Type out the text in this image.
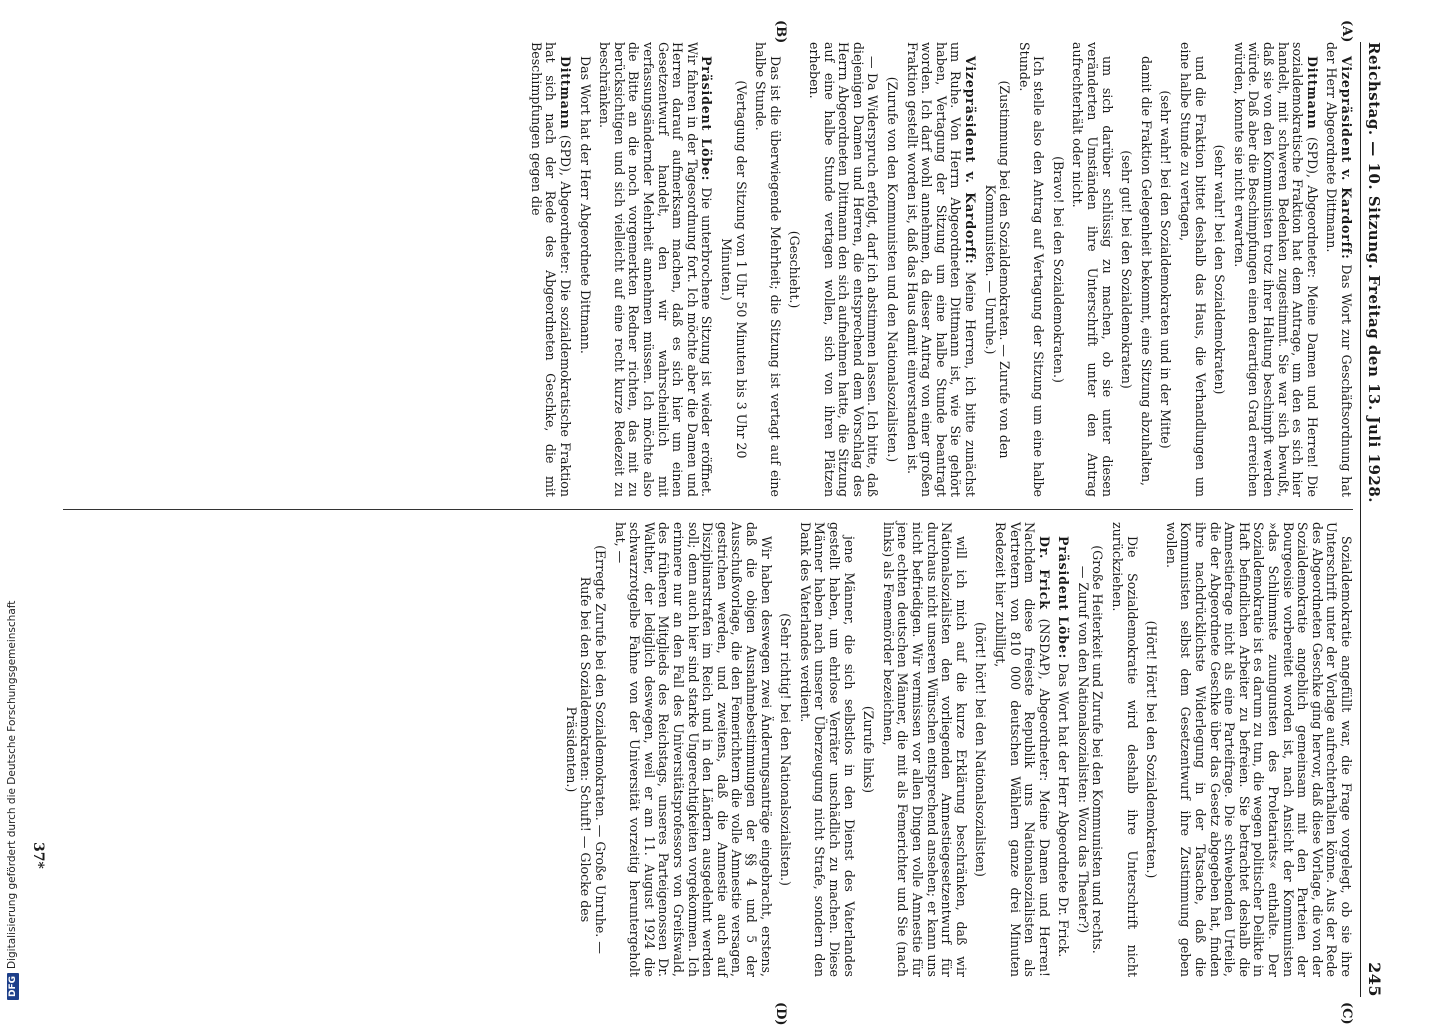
Reichstag. — 10. Sitzung. Freitag den 13. Juli 1928.
245
(A)
(B)
(C)
(D)

Vizepräsident v. Kardorff: Das Wort zur Geschäftsordnung hat der Herr Abgeordnete Dittmann.

Dittmann (SPD), Abgeordneter: Meine Damen und Herren! Die sozialdemokratische Fraktion hat dem Antrage, um den es sich hier handelt, mit schweren Bedenken zugestimmt. Sie war sich bewußt, daß sie von den Kommunisten trotz ihrer Haltung beschimpft werden würde. Daß aber die Beschimpfungen einen derartigen Grad erreichen würden, konnte sie nicht erwarten.

(sehr wahr! bei den Sozialdemokraten)

und die Fraktion bittet deshalb das Haus, die Verhandlungen um eine halbe Stunde zu vertagen,

(sehr wahr! bei den Sozialdemokraten und in der Mitte)

damit die Fraktion Gelegenheit bekommt, eine Sitzung abzuhalten,

(sehr gut! bei den Sozialdemokraten)

um sich darüber schlüssig zu machen, ob sie unter diesen veränderten Umständen ihre Unterschrift unter den Antrag aufrechterhält oder nicht.

(Bravo! bei den Sozialdemokraten.)

Ich stelle also den Antrag auf Vertagung der Sitzung um eine halbe Stunde.

(Zustimmung bei den Sozialdemokraten. — Zurufe von den Kommunisten. — Unruhe.)

Vizepräsident v. Kardorff: Meine Herren, ich bitte zunächst um Ruhe. Von Herrn Abgeordneten Dittmann ist, wie Sie gehört haben, Vertagung der Sitzung um eine halbe Stunde beantragt worden. Ich darf wohl annehmen, da dieser Antrag von einer großen Fraktion gestellt worden ist, daß das Haus damit einverstanden ist.

(Zurufe von den Kommunisten und den Nationalsozialisten.)

— Da Widerspruch erfolgt, darf ich abstimmen lassen. Ich bitte, daß diejenigen Damen und Herren, die entsprechend dem Vorschlag des Herrn Abgeordneten Dittmann den sich aufnehmen hatte, die Sitzung auf eine halbe Stunde vertagen wollen, sich von ihren Plätzen erheben.

(Geschieht.)

Das ist die überwiegende Mehrheit; die Sitzung ist vertagt auf eine halbe Stunde.

(Vertagung der Sitzung von 1 Uhr 50 Minuten bis 3 Uhr 20 Minuten.)

Präsident Löbe: Die unterbrochene Sitzung ist wieder eröffnet. Wir fahren in der Tagesordnung fort. Ich möchte aber die Damen und Herren darauf aufmerksam machen, daß es sich hier um einen Gesetzentwurf handelt, den wir wahrscheinlich mit verfassungsändernder Mehrheit annehmen müssen. Ich möchte also die Bitte an die noch vorgemerkten Redner richten, das mit zu berücksichtigen und sich vielleicht auf eine recht kurze Redezeit zu beschränken.

Das Wort hat der Herr Abgeordnete Dittmann.

Dittmann (SPD), Abgeordneter: Die sozialdemokratische Fraktion hat sich nach der Rede des Abgeordneten Geschke, die mit Beschimpfungen gegen die

Sozialdemokratie angefüllt war, die Frage vorgelegt, ob sie ihre Unterschrift unter der Vorlage aufrechterhalten könne. Aus der Rede des Abgeordneten Geschke ging hervor, daß diese Vorlage, die von der Sozialdemokratie angeblich gemeinsam mit den Parteien der Bourgeoisie vorbereitet worden ist, nach Ansicht der Kommunisten »das Schlimmste zuungunsten des Proletariats« enthalte. Der Sozialdemokratie ist es darum zu tun, die wegen politischer Delikte in Haft befindlichen Arbeiter zu befreien. Sie betrachtet deshalb die Amnestiefrage nicht als eine Parteifrage. Die schwebenden Urteile, die der Abgeordnete Geschke über das Gesetz abgegeben hat, finden ihre nachdrücklichste Widerlegung in der Tatsache, daß die Kommunisten selbst dem Gesetzentwurf ihre Zustimmung geben wollen.

(Hört! Hört! bei den Sozialdemokraten.)

Die Sozialdemokratie wird deshalb ihre Unterschrift nicht zurückziehen.

(Große Heiterkeit und Zurufe bei den Kommunisten und rechts. — Zuruf von den Nationalsozialisten: Wozu das Theater?)

Präsident Löbe: Das Wort hat der Herr Abgeordnete Dr. Frick.

Dr. Frick (NSDAP), Abgeordneter: Meine Damen und Herren! Nachdem diese freieste Republik uns Nationalsozialisten als Vertretern von 810 000 deutschen Wählern ganze drei Minuten Redezeit hier zubilligt,

(hört! hört! bei den Nationalsozialisten)

will ich mich auf die kurze Erklärung beschränken, daß wir Nationalsozialisten den vorliegenden Amnestiegesetzentwurf für durchaus nicht unseren Wünschen entsprechend ansehen; er kann uns nicht befriedigen. Wir vermissen vor allen Dingen volle Amnestie für jene echten deutschen Männer, die mit als Femerichter und Sie (nach links) als Fememörder bezeichnen,

(Zurufe links)

jene Männer, die sich selbstlos in den Dienst des Vaterlandes gestellt haben, um ehrlose Verräter unschädlich zu machen. Diese Männer haben nach unserer Überzeugung nicht Strafe, sondern den Dank des Vaterlandes verdient.

(Sehr richtig! bei den Nationalsozialisten.)

Wir haben deswegen zwei Änderungsanträge eingebracht, erstens, daß die obigen Ausnahmebestimmungen der §§ 4 und 5 der Ausschußvorlage, die den Femerichtern die volle Amnestie versagen, gestrichen werden, und zweitens, daß die Amnestie auch auf Disziplinarstrafen im Reich und in den Ländern ausgedehnt werden soll; denn auch hier sind starke Ungerechtigkeiten vorgekommen. Ich erinnere nur an den Fall des Universitätsprofessors von Greifswald, des früheren Mitglieds des Reichstags, unseres Parteigenossen Dr. Walther, der lediglich deswegen, weil er am 11. August 1924 die schwarzrotgelbe Fahne von der Universität vorzeitig heruntergeholt hat, —

(Erregte Zurufe bei den Sozialdemokraten. — Große Unruhe. — Rufe bei den Sozialdemokraten: Schuft! — Glocke des Präsidenten.)

37*
DFGDigitalisierung gefördert durch die Deutsche Forschungsgemeinschaft
